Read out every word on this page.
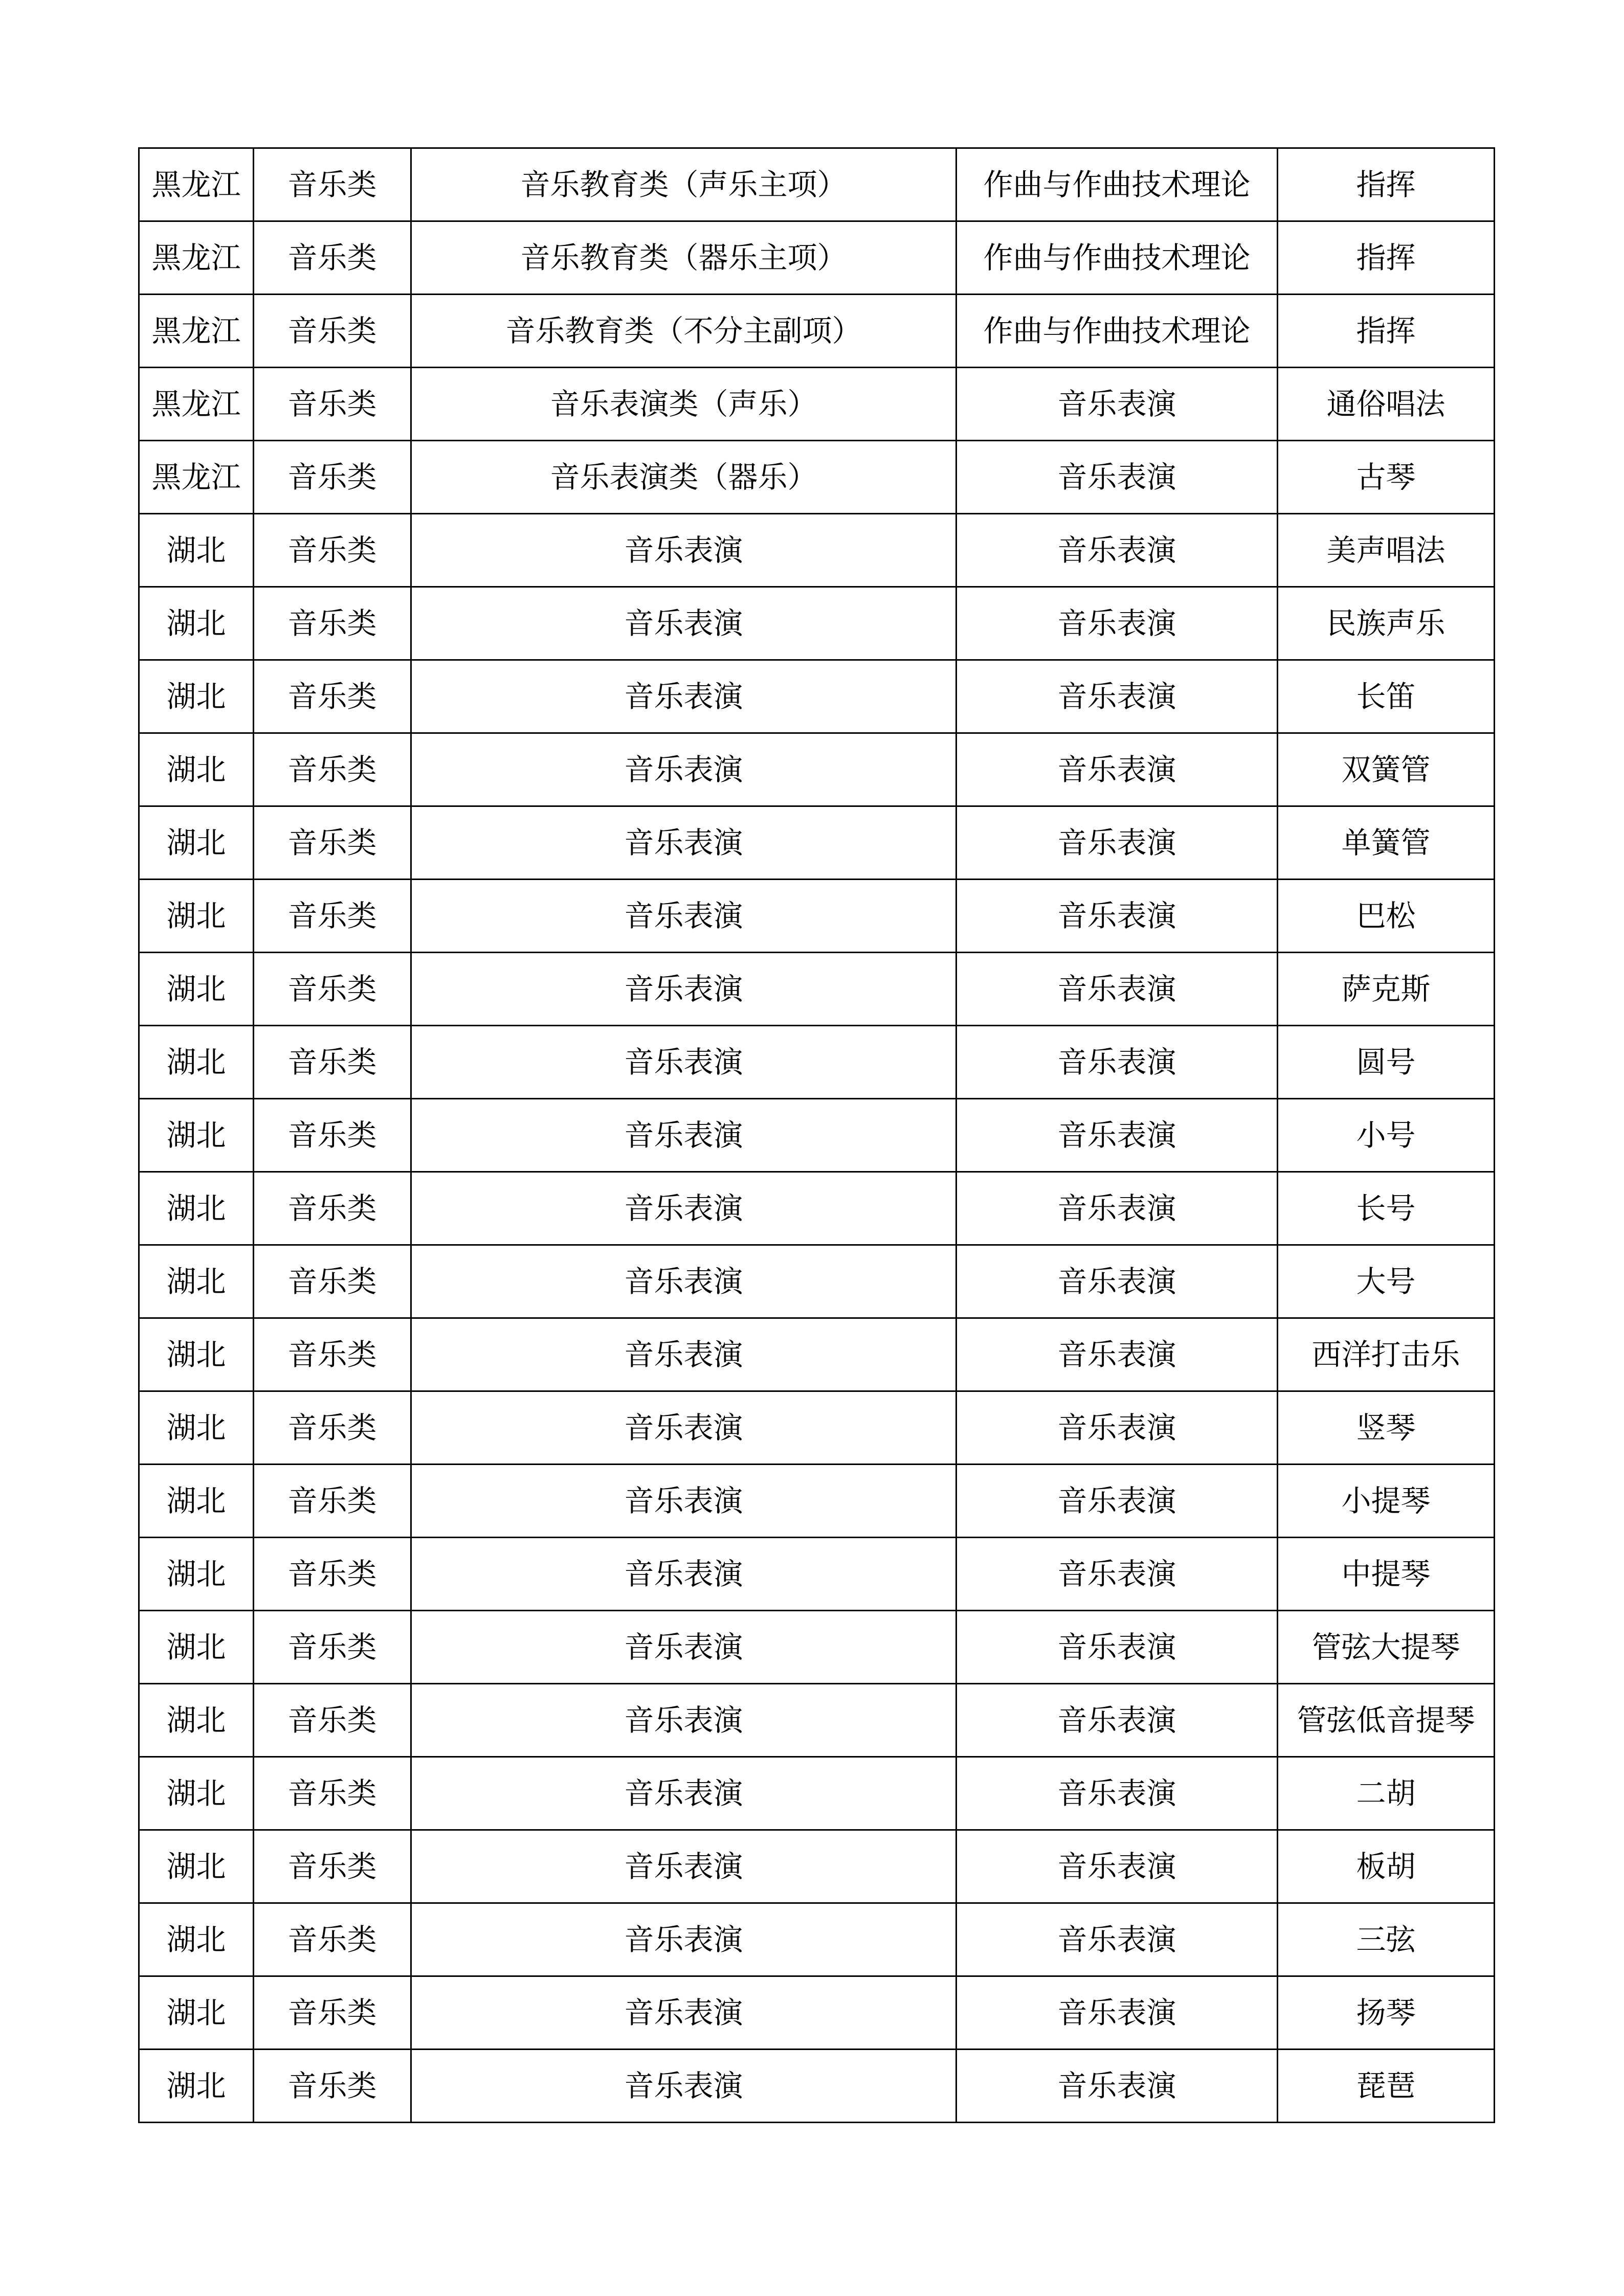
黑龙江	音乐类	音乐教育类（声乐主项）	作曲与作曲技术理论	指挥
黑龙江	音乐类	音乐教育类（器乐主项）	作曲与作曲技术理论	指挥
黑龙江	音乐类	音乐教育类（不分主副项）	作曲与作曲技术理论	指挥
黑龙江	音乐类	音乐表演类（声乐）	音乐表演	通俗唱法
黑龙江	音乐类	音乐表演类（器乐）	音乐表演	古琴
湖北	音乐类	音乐表演	音乐表演	美声唱法
湖北	音乐类	音乐表演	音乐表演	民族声乐
湖北	音乐类	音乐表演	音乐表演	长笛
湖北	音乐类	音乐表演	音乐表演	双簧管
湖北	音乐类	音乐表演	音乐表演	单簧管
湖北	音乐类	音乐表演	音乐表演	巴松
湖北	音乐类	音乐表演	音乐表演	萨克斯
湖北	音乐类	音乐表演	音乐表演	圆号
湖北	音乐类	音乐表演	音乐表演	小号
湖北	音乐类	音乐表演	音乐表演	长号
湖北	音乐类	音乐表演	音乐表演	大号
湖北	音乐类	音乐表演	音乐表演	西洋打击乐
湖北	音乐类	音乐表演	音乐表演	竖琴
湖北	音乐类	音乐表演	音乐表演	小提琴
湖北	音乐类	音乐表演	音乐表演	中提琴
湖北	音乐类	音乐表演	音乐表演	管弦大提琴
湖北	音乐类	音乐表演	音乐表演	管弦低音提琴
湖北	音乐类	音乐表演	音乐表演	二胡
湖北	音乐类	音乐表演	音乐表演	板胡
湖北	音乐类	音乐表演	音乐表演	三弦
湖北	音乐类	音乐表演	音乐表演	扬琴
湖北	音乐类	音乐表演	音乐表演	琵琶
